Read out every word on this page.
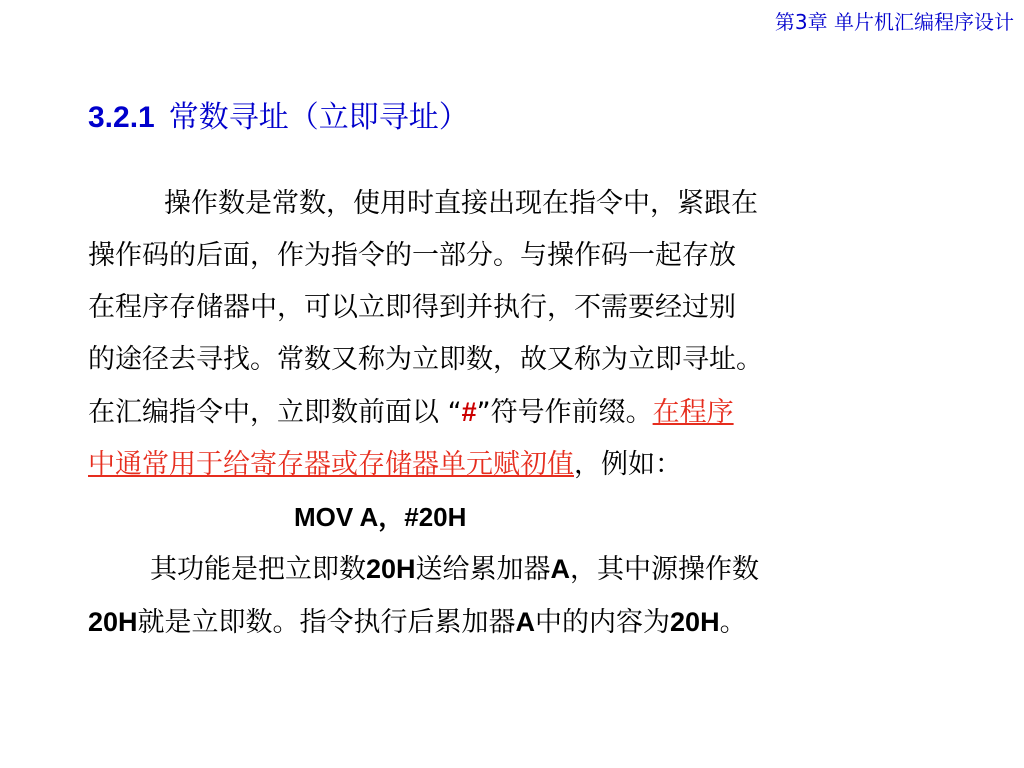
第3章 单片机汇编程序设计
3.2.1 常数寻址（立即寻址）
操作数是常数，使用时直接出现在指令中，紧跟在
操作码的后面，作为指令的一部分。与操作码一起存放
在程序存储器中，可以立即得到并执行，不需要经过别
的途径去寻找。常数又称为立即数，故又称为立即寻址。
在汇编指令中，立即数前面以 “#”符号作前缀。在程序
中通常用于给寄存器或存储器单元赋初值，例如：
MOV A，#20H
其功能是把立即数20H送给累加器A，其中源操作数
20H就是立即数。指令执行后累加器A中的内容为20H。
